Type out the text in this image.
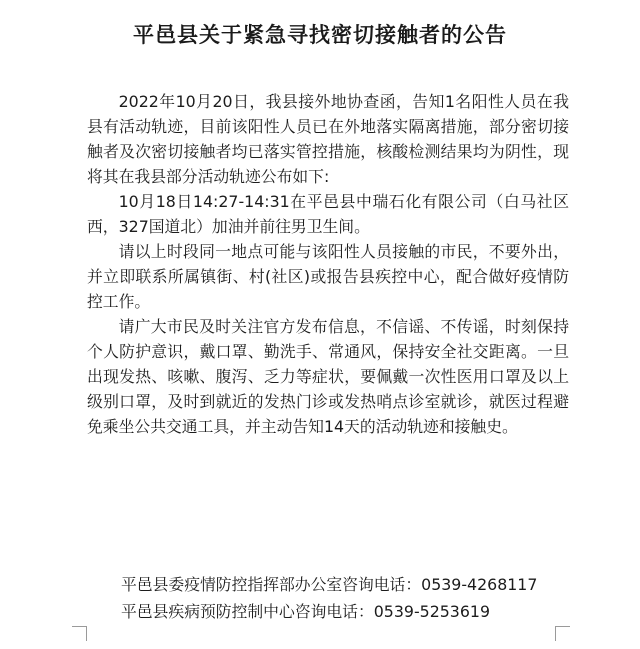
平邑县关于紧急寻找密切接触者的公告

2022年10月20日，我县接外地协查函，告知1名阳性人员在我县有活动轨迹，目前该阳性人员已在外地落实隔离措施，部分密切接触者及次密切接触者均已落实管控措施，核酸检测结果均为阴性，现将其在我县部分活动轨迹公布如下:

10月18日14:27-14:31在平邑县中瑞石化有限公司（白马社区西，327国道北）加油并前往男卫生间。

请以上时段同一地点可能与该阳性人员接触的市民，不要外出，并立即联系所属镇街、村(社区)或报告县疾控中心，配合做好疫情防控工作。

请广大市民及时关注官方发布信息，不信谣、不传谣，时刻保持个人防护意识，戴口罩、勤洗手、常通风，保持安全社交距离。一旦出现发热、咳嗽、腹泻、乏力等症状，要佩戴一次性医用口罩及以上级别口罩，及时到就近的发热门诊或发热哨点诊室就诊，就医过程避免乘坐公共交通工具，并主动告知14天的活动轨迹和接触史。

平邑县委疫情防控指挥部办公室咨询电话：0539-4268117
平邑县疾病预防控制中心咨询电话：0539-5253619
